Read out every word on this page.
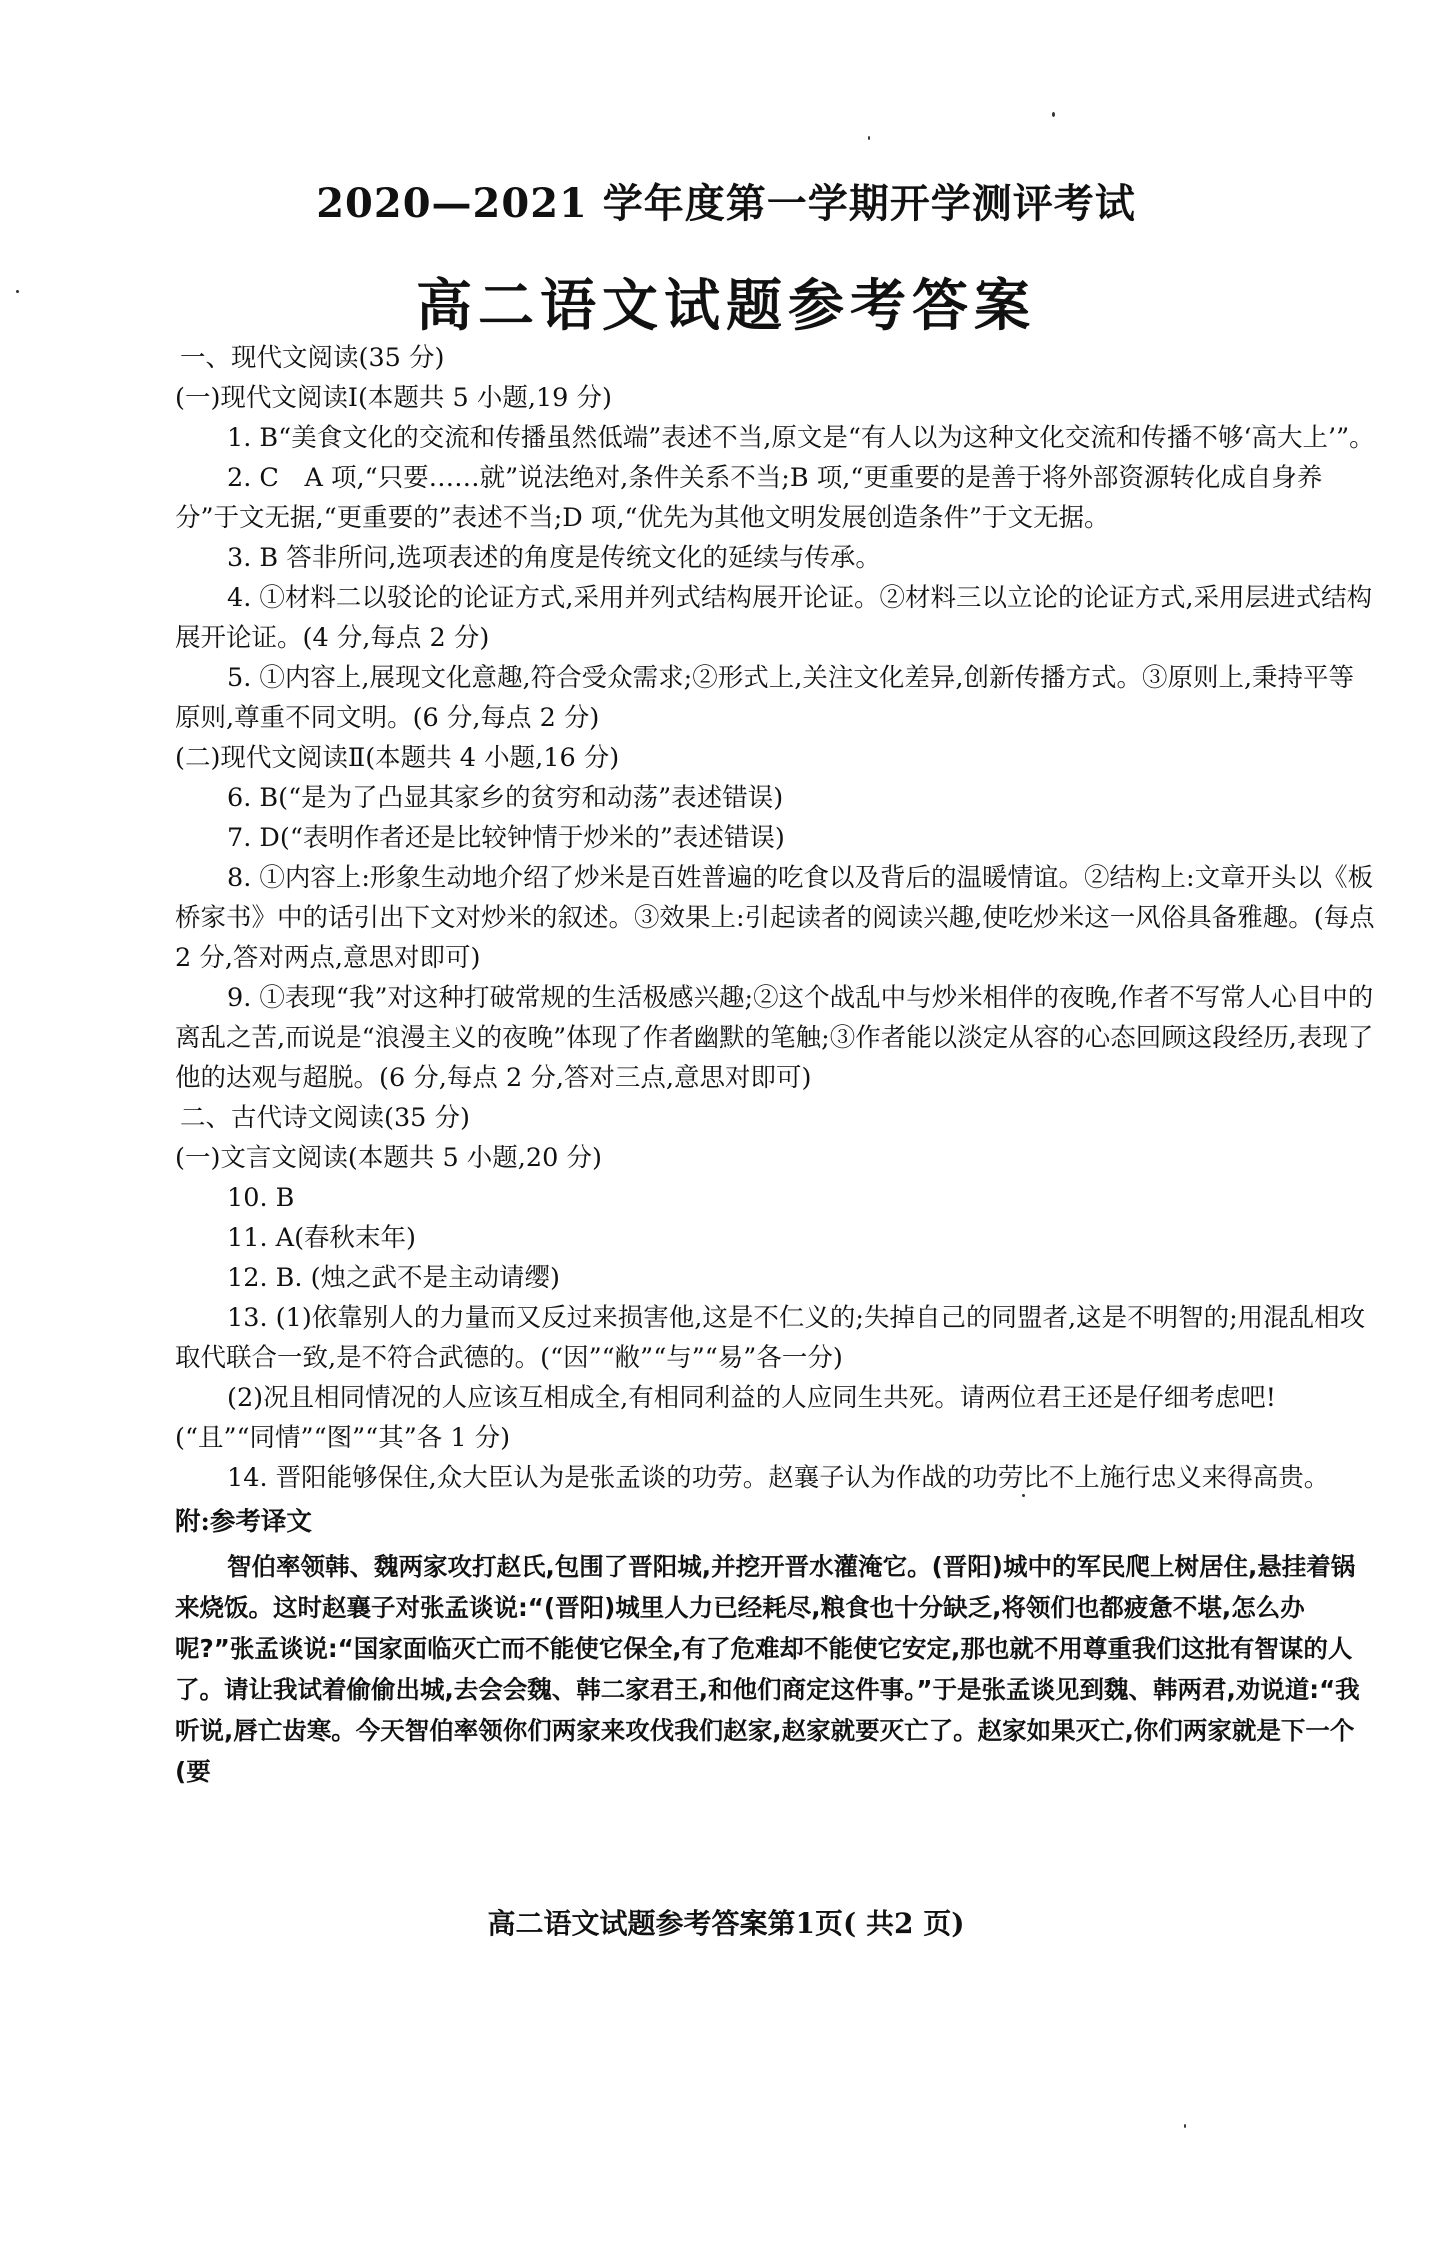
2020—2021 学年度第一学期开学测评考试
高二语文试题参考答案

一、现代文阅读(35 分)

(一)现代文阅读Ⅰ(本题共 5 小题,19 分)

1. B“美食文化的交流和传播虽然低端”表述不当,原文是“有人以为这种文化交流和传播不够‘高大上’”。

2. C　A 项,“只要……就”说法绝对,条件关系不当;B 项,“更重要的是善于将外部资源转化成自身养分”于文无据,“更重要的”表述不当;D 项,“优先为其他文明发展创造条件”于文无据。

3. B 答非所问,选项表述的角度是传统文化的延续与传承。

4. ①材料二以驳论的论证方式,采用并列式结构展开论证。②材料三以立论的论证方式,采用层进式结构展开论证。(4 分,每点 2 分)

5. ①内容上,展现文化意趣,符合受众需求;②形式上,关注文化差异,创新传播方式。③原则上,秉持平等原则,尊重不同文明。(6 分,每点 2 分)

(二)现代文阅读Ⅱ(本题共 4 小题,16 分)

6. B(“是为了凸显其家乡的贫穷和动荡”表述错误)

7. D(“表明作者还是比较钟情于炒米的”表述错误)

8. ①内容上:形象生动地介绍了炒米是百姓普遍的吃食以及背后的温暖情谊。②结构上:文章开头以《板桥家书》中的话引出下文对炒米的叙述。③效果上:引起读者的阅读兴趣,使吃炒米这一风俗具备雅趣。(每点 2 分,答对两点,意思对即可)

9. ①表现“我”对这种打破常规的生活极感兴趣;②这个战乱中与炒米相伴的夜晚,作者不写常人心目中的离乱之苦,而说是“浪漫主义的夜晚”体现了作者幽默的笔触;③作者能以淡定从容的心态回顾这段经历,表现了他的达观与超脱。(6 分,每点 2 分,答对三点,意思对即可)

二、古代诗文阅读(35 分)

(一)文言文阅读(本题共 5 小题,20 分)

10. B

11. A(春秋末年)

12. B. (烛之武不是主动请缨)

13. (1)依靠别人的力量而又反过来损害他,这是不仁义的;失掉自己的同盟者,这是不明智的;用混乱相攻取代联合一致,是不符合武德的。(“因”“敝”“与”“易”各一分)

(2)况且相同情况的人应该互相成全,有相同利益的人应同生共死。请两位君王还是仔细考虑吧!(“且”“同情”“图”“其”各 1 分)

14. 晋阳能够保住,众大臣认为是张孟谈的功劳。赵襄子认为作战的功劳比不上施行忠义来得高贵。

附:参考译文

智伯率领韩、魏两家攻打赵氏,包围了晋阳城,并挖开晋水灌淹它。(晋阳)城中的军民爬上树居住,悬挂着锅来烧饭。这时赵襄子对张孟谈说:“(晋阳)城里人力已经耗尽,粮食也十分缺乏,将领们也都疲惫不堪,怎么办呢?”张孟谈说:“国家面临灭亡而不能使它保全,有了危难却不能使它安定,那也就不用尊重我们这批有智谋的人了。请让我试着偷偷出城,去会会魏、韩二家君王,和他们商定这件事。”于是张孟谈见到魏、韩两君,劝说道:“我听说,唇亡齿寒。今天智伯率领你们两家来攻伐我们赵家,赵家就要灭亡了。赵家如果灭亡,你们两家就是下一个(要

高二语文试题参考答案第1页( 共2 页)
